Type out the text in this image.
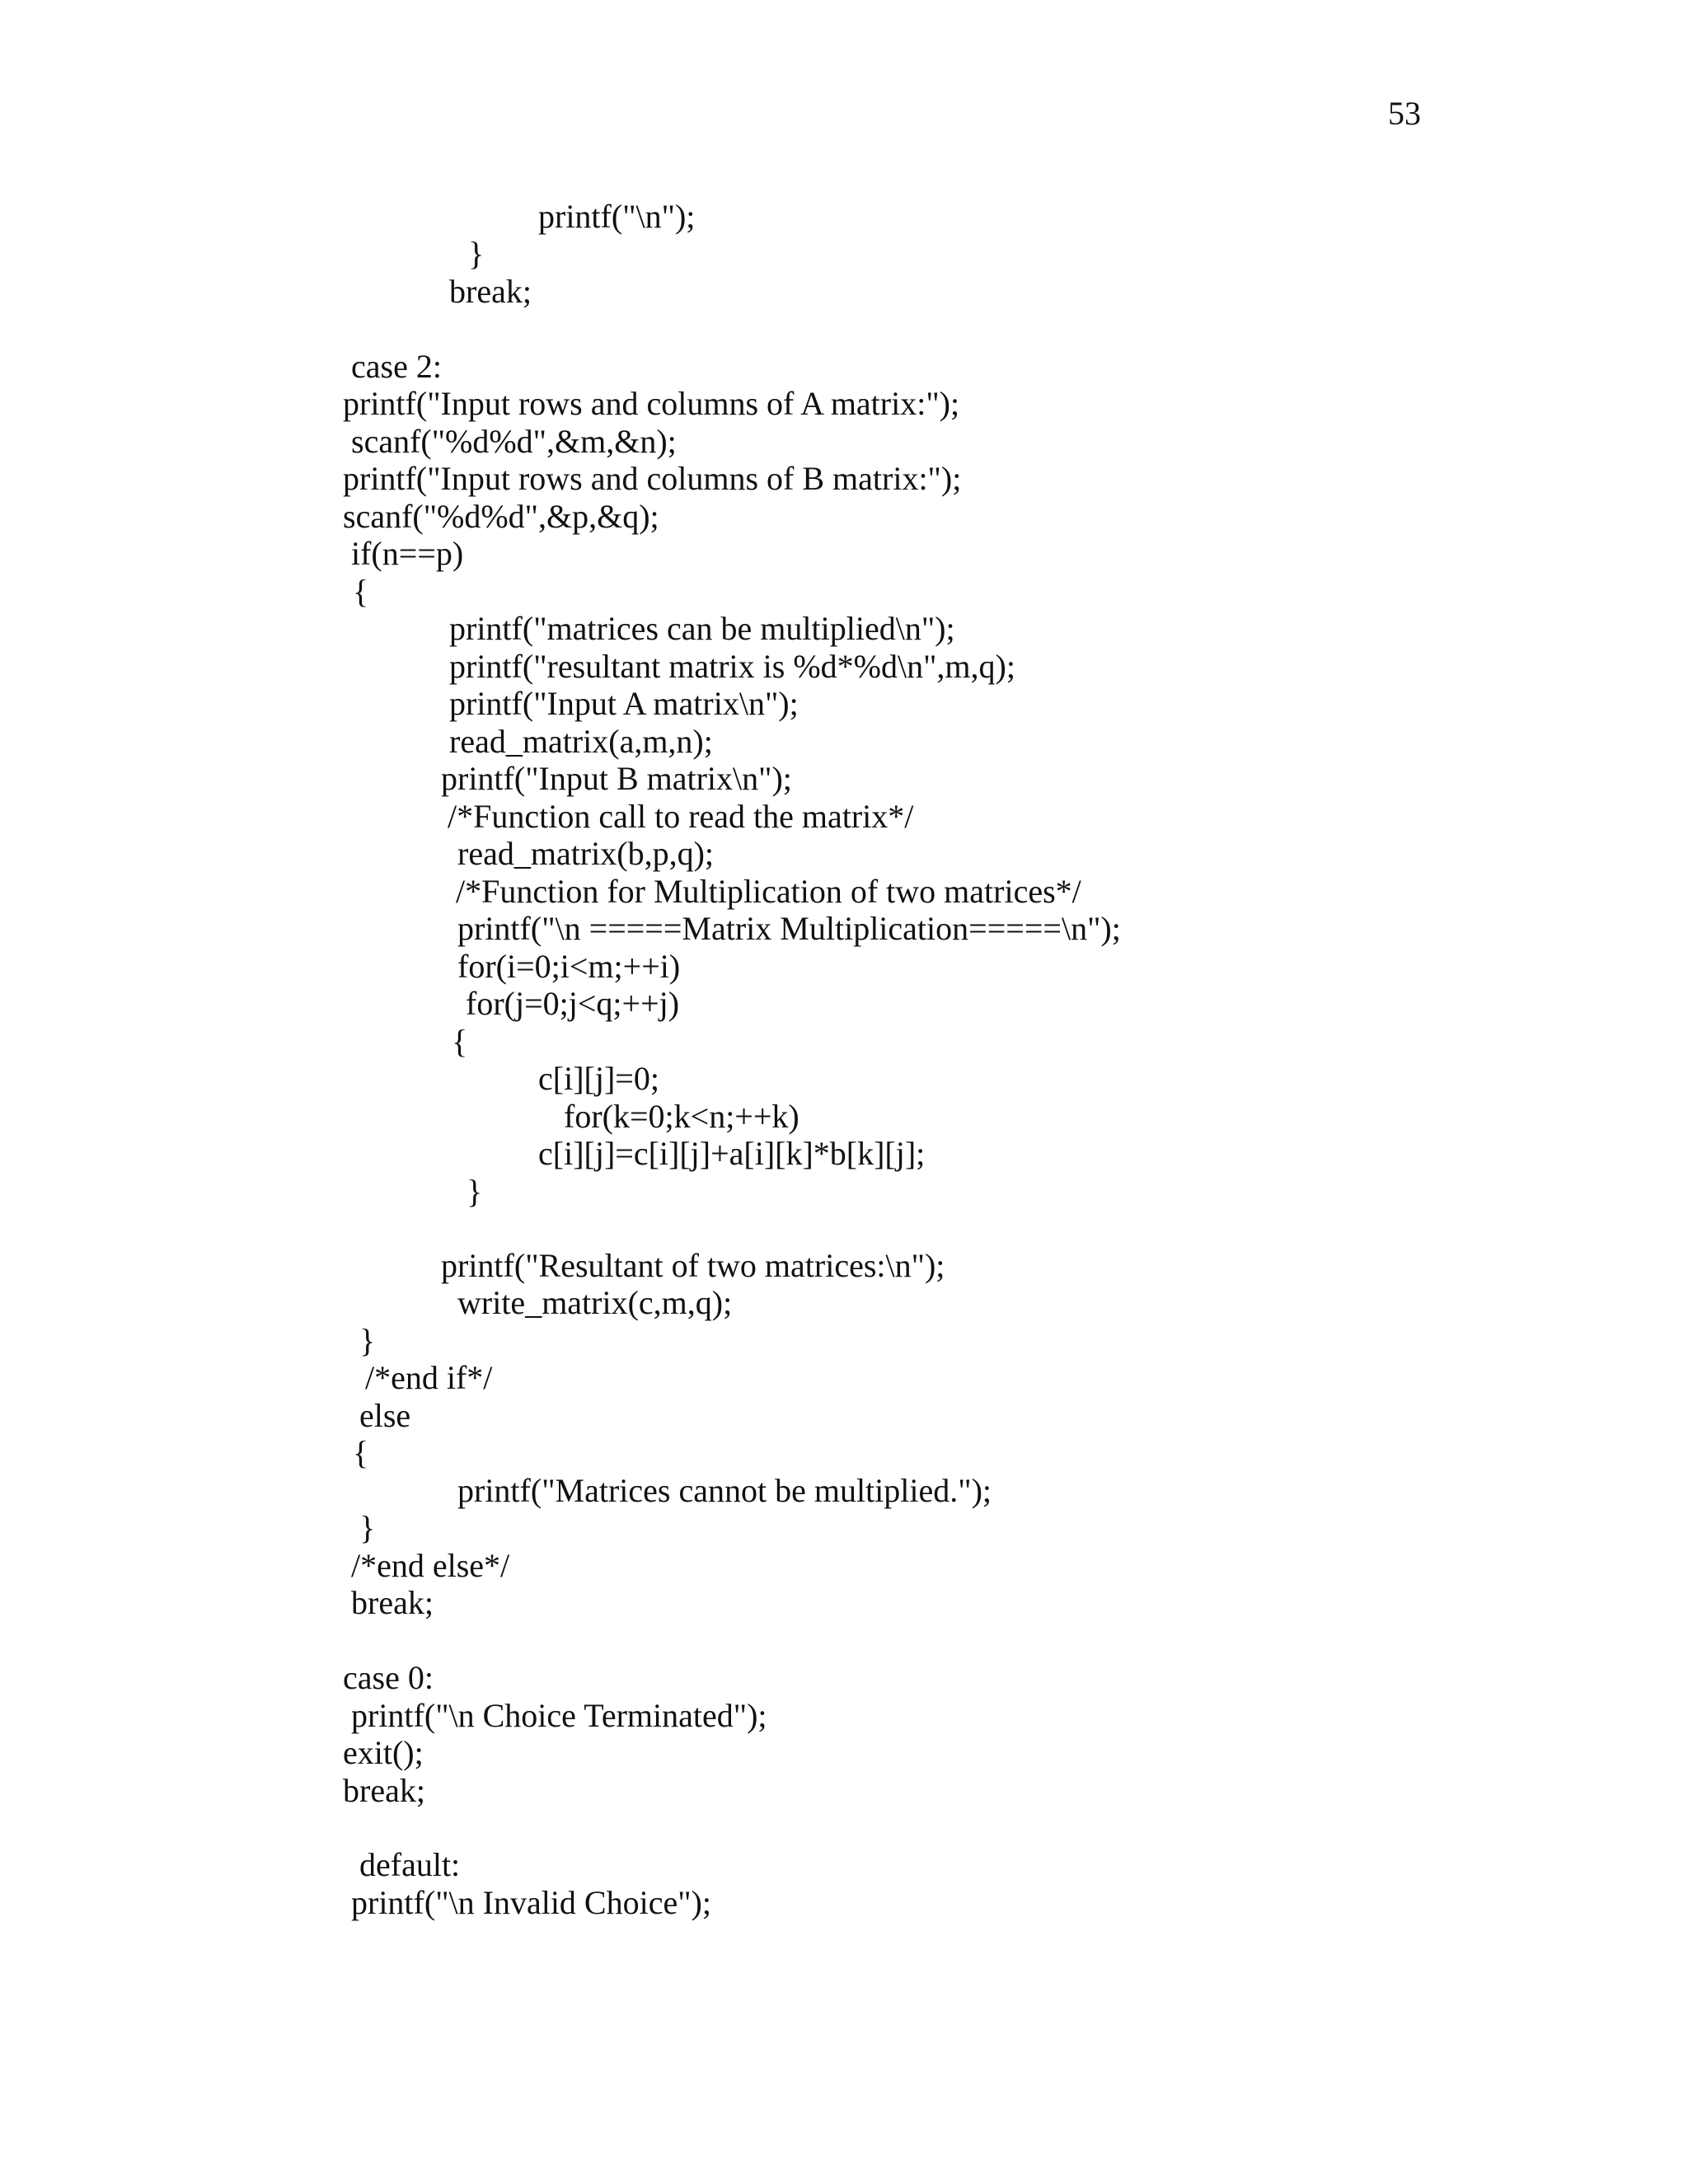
53
printf("\n");
}
break;
case 2:
printf("Input rows and columns of A matrix:");
scanf("%d%d",&m,&n);
printf("Input rows and columns of B matrix:");
scanf("%d%d",&p,&q);
if(n==p)
{
printf("matrices can be multiplied\n");
printf("resultant matrix is %d*%d\n",m,q);
printf("Input A matrix\n");
read_matrix(a,m,n);
printf("Input B matrix\n");
/*Function call to read the matrix*/
read_matrix(b,p,q);
/*Function for Multiplication of two matrices*/
printf("\n =====Matrix Multiplication=====\n");
for(i=0;i<m;++i)
for(j=0;j<q;++j)
{
c[i][j]=0;
for(k=0;k<n;++k)
c[i][j]=c[i][j]+a[i][k]*b[k][j];
}
printf("Resultant of two matrices:\n");
write_matrix(c,m,q);
}
/*end if*/
else
{
printf("Matrices cannot be multiplied.");
}
/*end else*/
break;
case 0:
printf("\n Choice Terminated");
exit();
break;
default:
printf("\n Invalid Choice");
